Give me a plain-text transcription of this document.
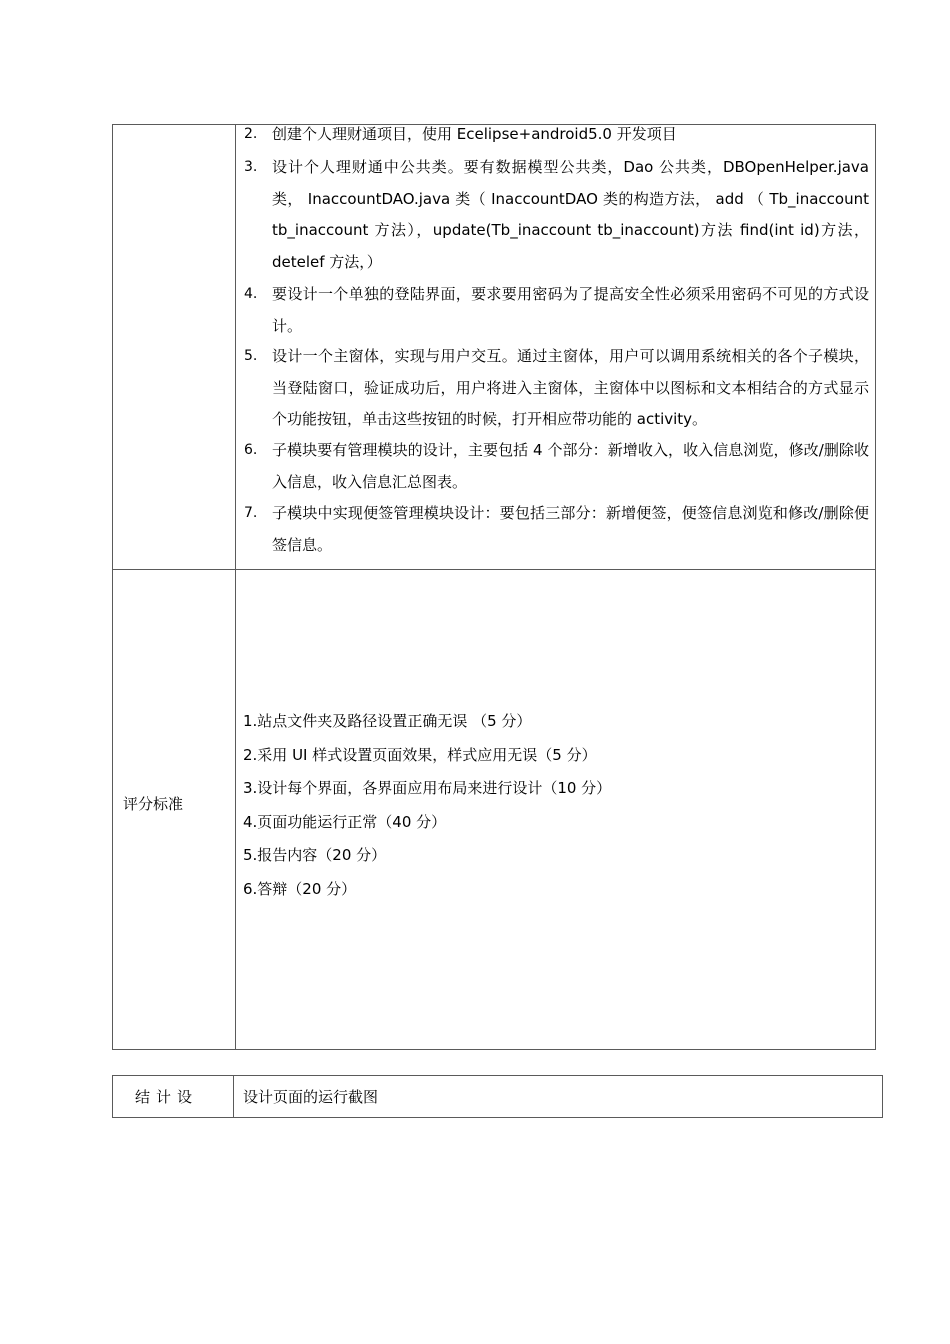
2. 创建个人理财通项目，使用 Ecelipse+android5.0 开发项目
3. 设计个人理财通中公共类。要有数据模型公共类，Dao 公共类，DBOpenHelper.java 类， InaccountDAO.java 类（ InaccountDAO 类的构造方法， add （ Tb_inaccount tb_inaccount 方法），update(Tb_inaccount tb_inaccount)方法 find(int id)方法，detelef 方法，）
4. 要设计一个单独的登陆界面，要求要用密码为了提高安全性必须采用密码不可见的方式设计。
5. 设计一个主窗体，实现与用户交互。通过主窗体，用户可以调用系统相关的各个子模块，当登陆窗口，验证成功后，用户将进入主窗体，主窗体中以图标和文本相结合的方式显示个功能按钮，单击这些按钮的时候，打开相应带功能的 activity。
6. 子模块要有管理模块的设计，主要包括 4 个部分：新增收入，收入信息浏览，修改/删除收入信息，收入信息汇总图表。
7. 子模块中实现便签管理模块设计：要包括三部分：新增便签，便签信息浏览和修改/删除便签信息。
评分标准
1.站点文件夹及路径设置正确无误 （5 分）
2.采用 UI 样式设置页面效果，样式应用无误（5 分）
3.设计每个界面，各界面应用布局来进行设计（10 分）
4.页面功能运行正常（40 分）
5.报告内容（20 分）
6.答辩（20 分）
结计设	设计页面的运行截图
